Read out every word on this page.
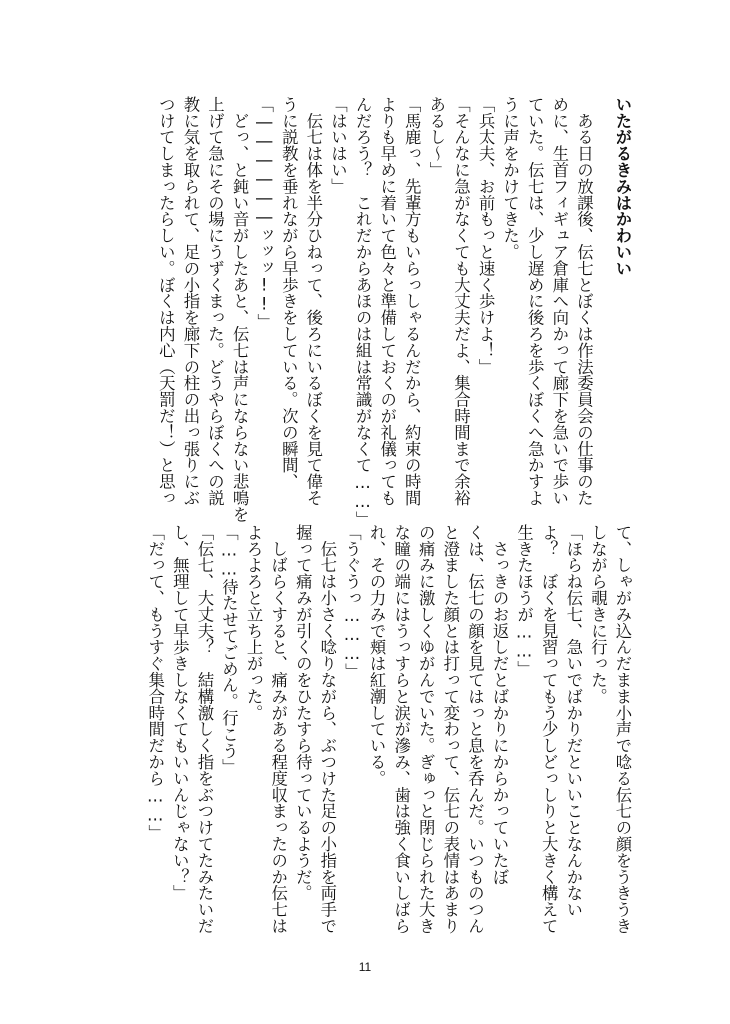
いたがるきみはかわいい
　ある日の放課後、伝七とぼくは作法委員会の仕事のた
めに、生首フィギュア倉庫へ向かって廊下を急いで歩い
ていた。伝七は、少し遅めに後ろを歩くぼくへ急かすよ
うに声をかけてきた。
「兵太夫、お前もっと速く歩けよ！」
「そんなに急がなくても大丈夫だよ、集合時間まで余裕
あるし～」
「馬鹿っ、先輩方もいらっしゃるんだから、約束の時間
よりも早めに着いて色々と準備しておくのが礼儀っても
んだろう？　これだからあほのは組は常識がなくて……」
「はいはい」
　伝七は体を半分ひねって、後ろにいるぼくを見て偉そ
うに説教を垂れながら早歩きをしている。次の瞬間、
「――――――ッッッ!!」
　どっ、と鈍い音がしたあと、伝七は声にならない悲鳴を
上げて急にその場にうずくまった。どうやらぼくへの説
教に気を取られて、足の小指を廊下の柱の出っ張りにぶ
つけてしまったらしい。ぼくは内心（天罰だ！）と思っ
て、しゃがみ込んだまま小声で唸る伝七の顔をうきうき
しながら覗きに行った。
「ほらね伝七、急いでばかりだといいことなんかない
よ？　ぼくを見習ってもう少しどっしりと大きく構えて
生きたほうが……」
　さっきのお返しだとばかりにからかっていたぼ
くは、伝七の顔を見てはっと息を呑んだ。いつものつん
と澄ました顔とは打って変わって、伝七の表情はあまり
の痛みに激しくゆがんでいた。ぎゅっと閉じられた大き
な瞳の端にはうっすらと涙が滲み、歯は強く食いしばら
れ、その力みで頬は紅潮している。
「うぐうっ………」
　伝七は小さく唸りながら、ぶつけた足の小指を両手で
握って痛みが引くのをひたすら待っているようだ。
　しばらくすると、痛みがある程度収まったのか伝七は
よろよろと立ち上がった。
「……待たせてごめん。行こう」
「伝七、大丈夫？　結構激しく指をぶつけてたみたいだ
し、無理して早歩きしなくてもいいんじゃない？」
「だって、もうすぐ集合時間だから……」
11
